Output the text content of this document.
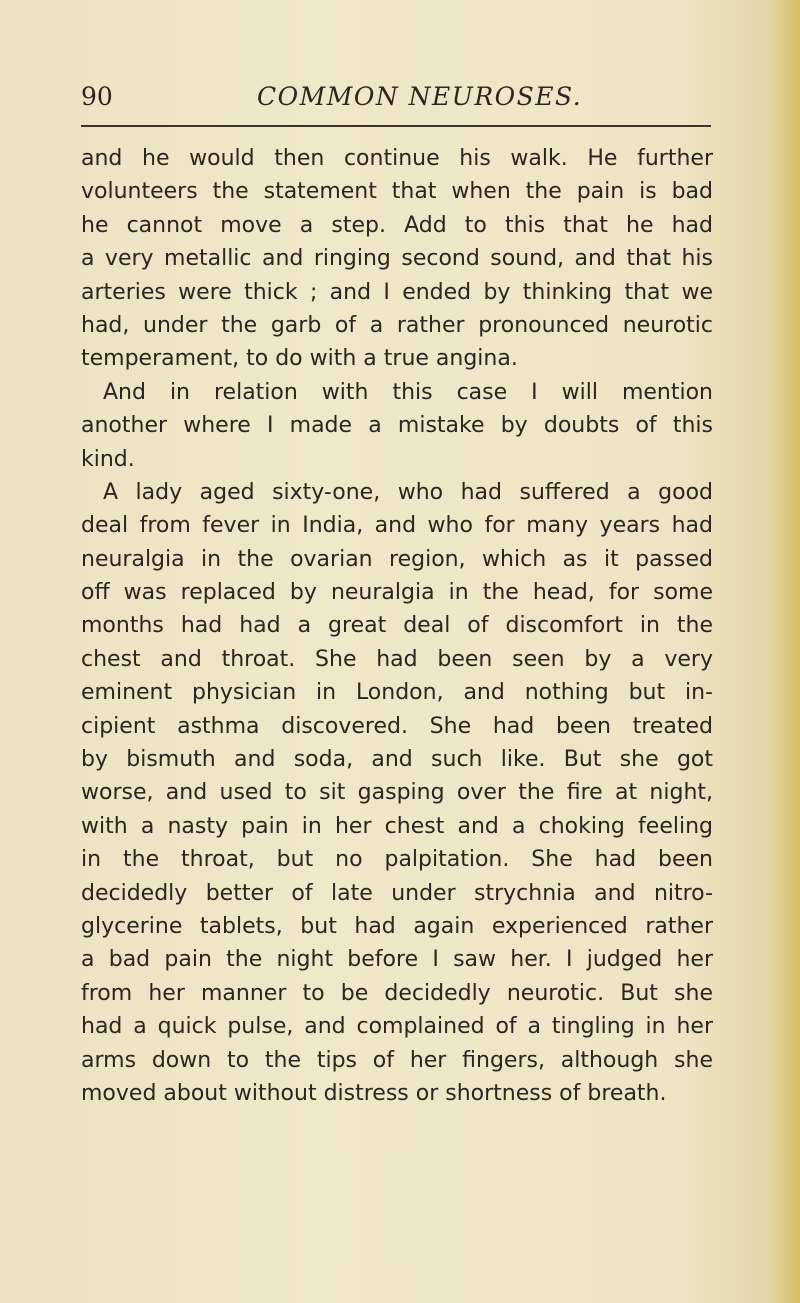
90	COMMON NEUROSES.
and he would then continue his walk. He further
volunteers the statement that when the pain is bad
he cannot move a step. Add to this that he had
a very metallic and ringing second sound, and that his
arteries were thick ; and I ended by thinking that we
had, under the garb of a rather pronounced neurotic
temperament, to do with a true angina.
And in relation with this case I will mention
another where I made a mistake by doubts of this
kind.
A lady aged sixty-one, who had suffered a good
deal from fever in India, and who for many years had
neuralgia in the ovarian region, which as it passed
off was replaced by neuralgia in the head, for some
months had had a great deal of discomfort in the
chest and throat. She had been seen by a very
eminent physician in London, and nothing but in-
cipient asthma discovered. She had been treated
by bismuth and soda, and such like. But she got
worse, and used to sit gasping over the fire at night,
with a nasty pain in her chest and a choking feeling
in the throat, but no palpitation. She had been
decidedly better of late under strychnia and nitro-
glycerine tablets, but had again experienced rather
a bad pain the night before I saw her. I judged her
from her manner to be decidedly neurotic. But she
had a quick pulse, and complained of a tingling in her
arms down to the tips of her fingers, although she
moved about without distress or shortness of breath.
